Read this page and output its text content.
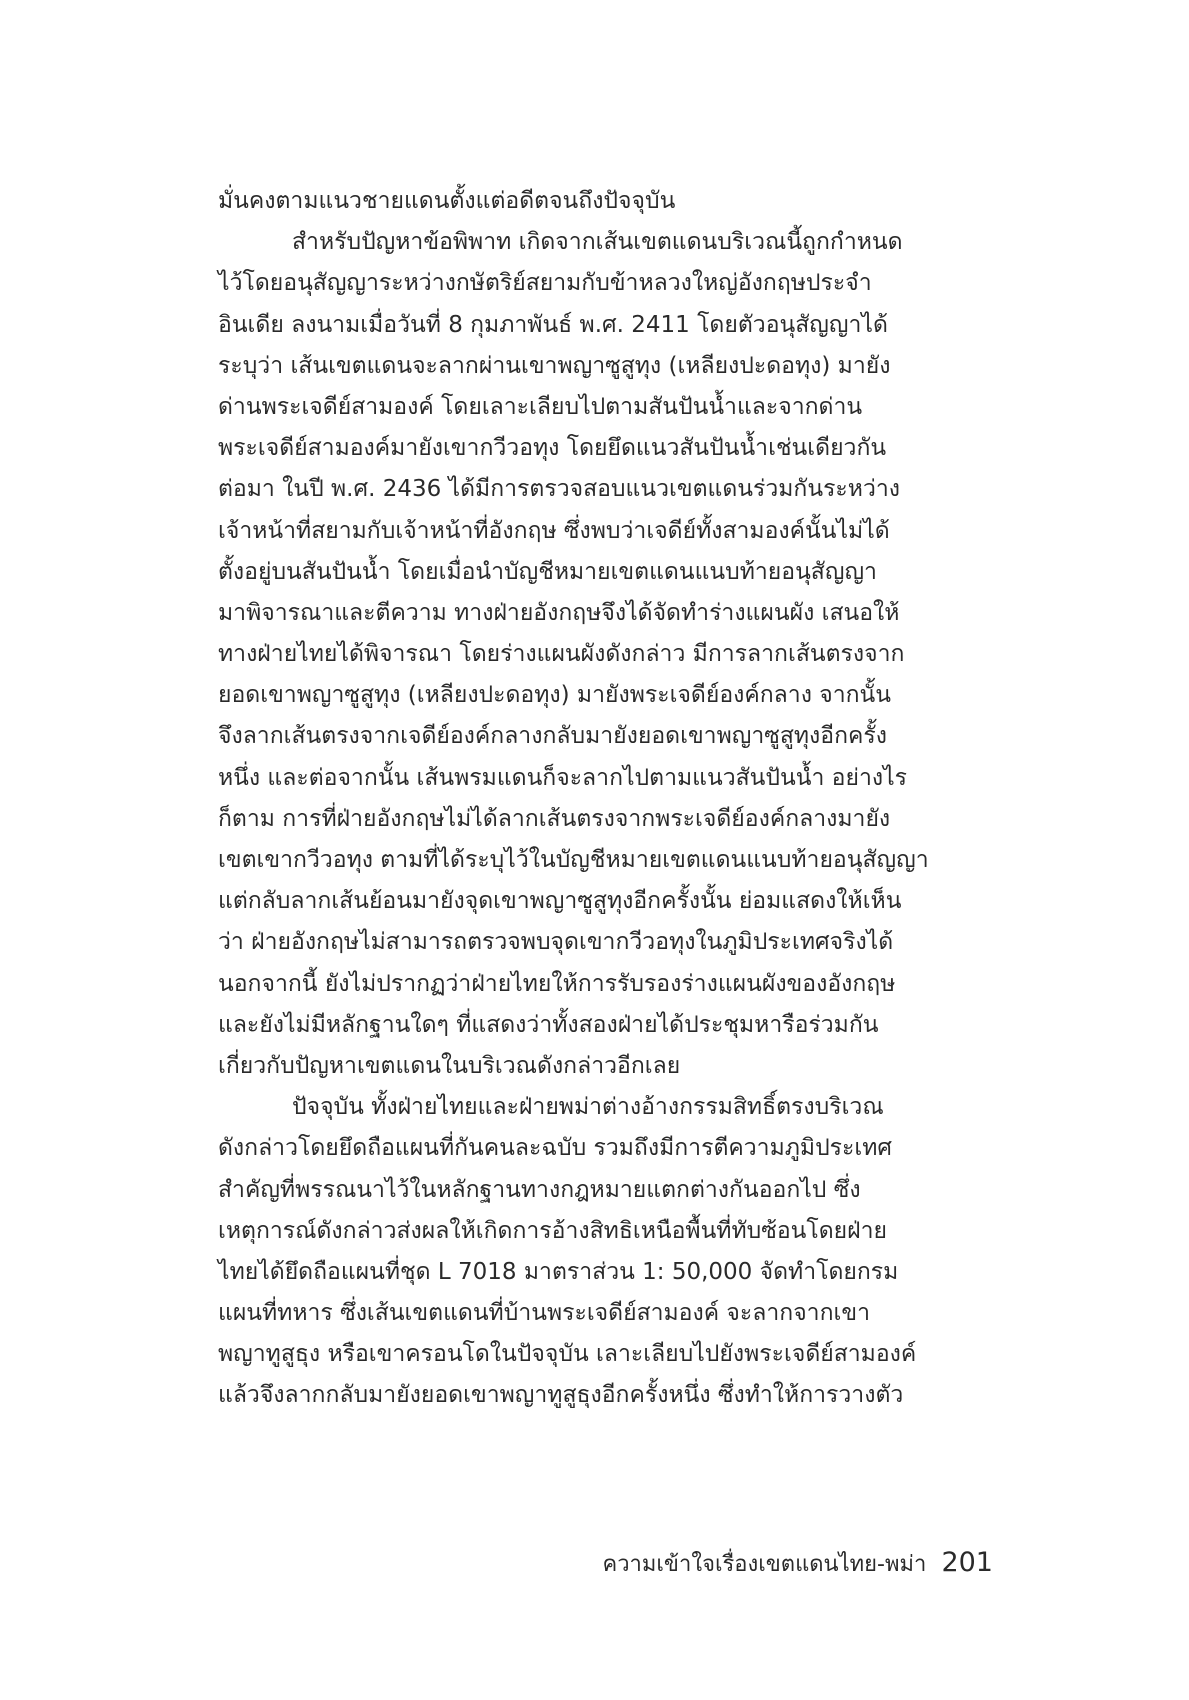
มั่นคงตามแนวชายแดนตั้งแต่อดีตจนถึงปัจจุบัน
สำหรับปัญหาข้อพิพาท เกิดจากเส้นเขตแดนบริเวณนี้ถูกกำหนด
ไว้โดยอนุสัญญาระหว่างกษัตริย์สยามกับข้าหลวงใหญ่อังกฤษประจำ
อินเดีย ลงนามเมื่อวันที่ 8 กุมภาพันธ์ พ.ศ. 2411 โดยตัวอนุสัญญาได้
ระบุว่า เส้นเขตแดนจะลากผ่านเขาพญาซูสูทุง (เหลียงปะดอทุง) มายัง
ด่านพระเจดีย์สามองค์ โดยเลาะเลียบไปตามสันปันน้ำและจากด่าน
พระเจดีย์สามองค์มายังเขากวีวอทุง โดยยึดแนวสันปันน้ำเช่นเดียวกัน
ต่อมา ในปี พ.ศ. 2436 ได้มีการตรวจสอบแนวเขตแดนร่วมกันระหว่าง
เจ้าหน้าที่สยามกับเจ้าหน้าที่อังกฤษ ซึ่งพบว่าเจดีย์ทั้งสามองค์นั้นไม่ได้
ตั้งอยู่บนสันปันน้ำ โดยเมื่อนำบัญชีหมายเขตแดนแนบท้ายอนุสัญญา
มาพิจารณาและตีความ ทางฝ่ายอังกฤษจึงได้จัดทำร่างแผนผัง เสนอให้
ทางฝ่ายไทยได้พิจารณา โดยร่างแผนผังดังกล่าว มีการลากเส้นตรงจาก
ยอดเขาพญาซูสูทุง (เหลียงปะดอทุง) มายังพระเจดีย์องค์กลาง จากนั้น
จึงลากเส้นตรงจากเจดีย์องค์กลางกลับมายังยอดเขาพญาซูสูทุงอีกครั้ง
หนึ่ง และต่อจากนั้น เส้นพรมแดนก็จะลากไปตามแนวสันปันน้ำ อย่างไร
ก็ตาม การที่ฝ่ายอังกฤษไม่ได้ลากเส้นตรงจากพระเจดีย์องค์กลางมายัง
เขตเขากวีวอทุง ตามที่ได้ระบุไว้ในบัญชีหมายเขตแดนแนบท้ายอนุสัญญา
แต่กลับลากเส้นย้อนมายังจุดเขาพญาซูสูทุงอีกครั้งนั้น ย่อมแสดงให้เห็น
ว่า ฝ่ายอังกฤษไม่สามารถตรวจพบจุดเขากวีวอทุงในภูมิประเทศจริงได้
นอกจากนี้ ยังไม่ปรากฏว่าฝ่ายไทยให้การรับรองร่างแผนผังของอังกฤษ
และยังไม่มีหลักฐานใดๆ ที่แสดงว่าทั้งสองฝ่ายได้ประชุมหารือร่วมกัน
เกี่ยวกับปัญหาเขตแดนในบริเวณดังกล่าวอีกเลย
ปัจจุบัน ทั้งฝ่ายไทยและฝ่ายพม่าต่างอ้างกรรมสิทธิ์ตรงบริเวณ
ดังกล่าวโดยยึดถือแผนที่กันคนละฉบับ รวมถึงมีการตีความภูมิประเทศ
สำคัญที่พรรณนาไว้ในหลักฐานทางกฎหมายแตกต่างกันออกไป ซึ่ง
เหตุการณ์ดังกล่าวส่งผลให้เกิดการอ้างสิทธิเหนือพื้นที่ทับซ้อนโดยฝ่าย
ไทยได้ยึดถือแผนที่ชุด L 7018 มาตราส่วน 1: 50,000 จัดทำโดยกรม
แผนที่ทหาร ซึ่งเส้นเขตแดนที่บ้านพระเจดีย์สามองค์ จะลากจากเขา
พญาทูสูธุง หรือเขาครอนโดในปัจจุบัน เลาะเลียบไปยังพระเจดีย์สามองค์
แล้วจึงลากกลับมายังยอดเขาพญาทูสูธุงอีกครั้งหนึ่ง ซึ่งทำให้การวางตัว
ความเข้าใจเรื่องเขตแดนไทย-พม่า 201
